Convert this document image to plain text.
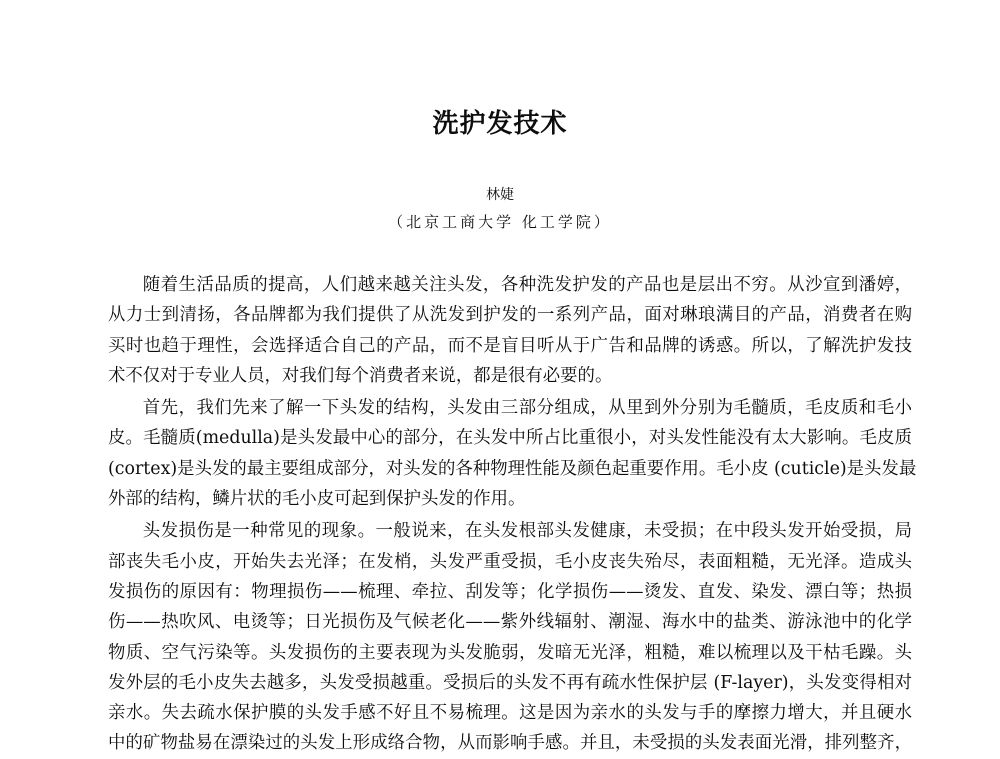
洗护发技术
林婕
（北京工商大学 化工学院）
随着生活品质的提高，人们越来越关注头发，各种洗发护发的产品也是层出不穷。从沙宣到潘婷，
从力士到清扬，各品牌都为我们提供了从洗发到护发的一系列产品，面对琳琅满目的产品，消费者在购
买时也趋于理性，会选择适合自己的产品，而不是盲目听从于广告和品牌的诱惑。所以，了解洗护发技
术不仅对于专业人员，对我们每个消费者来说，都是很有必要的。
首先，我们先来了解一下头发的结构，头发由三部分组成，从里到外分别为毛髓质，毛皮质和毛小
皮。毛髓质(medulla)是头发最中心的部分，在头发中所占比重很小，对头发性能没有太大影响。毛皮质
(cortex)是头发的最主要组成部分，对头发的各种物理性能及颜色起重要作用。毛小皮 (cuticle)是头发最
外部的结构，鳞片状的毛小皮可起到保护头发的作用。
头发损伤是一种常见的现象。一般说来，在头发根部头发健康，未受损；在中段头发开始受损，局
部丧失毛小皮，开始失去光泽；在发梢，头发严重受损，毛小皮丧失殆尽，表面粗糙，无光泽。造成头
发损伤的原因有：物理损伤——梳理、牵拉、刮发等；化学损伤——烫发、直发、染发、漂白等；热损
伤——热吹风、电烫等；日光损伤及气候老化——紫外线辐射、潮湿、海水中的盐类、游泳池中的化学
物质、空气污染等。头发损伤的主要表现为头发脆弱，发暗无光泽，粗糙，难以梳理以及干枯毛躁。头
发外层的毛小皮失去越多，头发受损越重。受损后的头发不再有疏水性保护层 (F-layer)，头发变得相对
亲水。失去疏水保护膜的头发手感不好且不易梳理。这是因为亲水的头发与手的摩擦力增大，并且硬水
中的矿物盐易在漂染过的头发上形成络合物，从而影响手感。并且，未受损的头发表面光滑，排列整齐，
